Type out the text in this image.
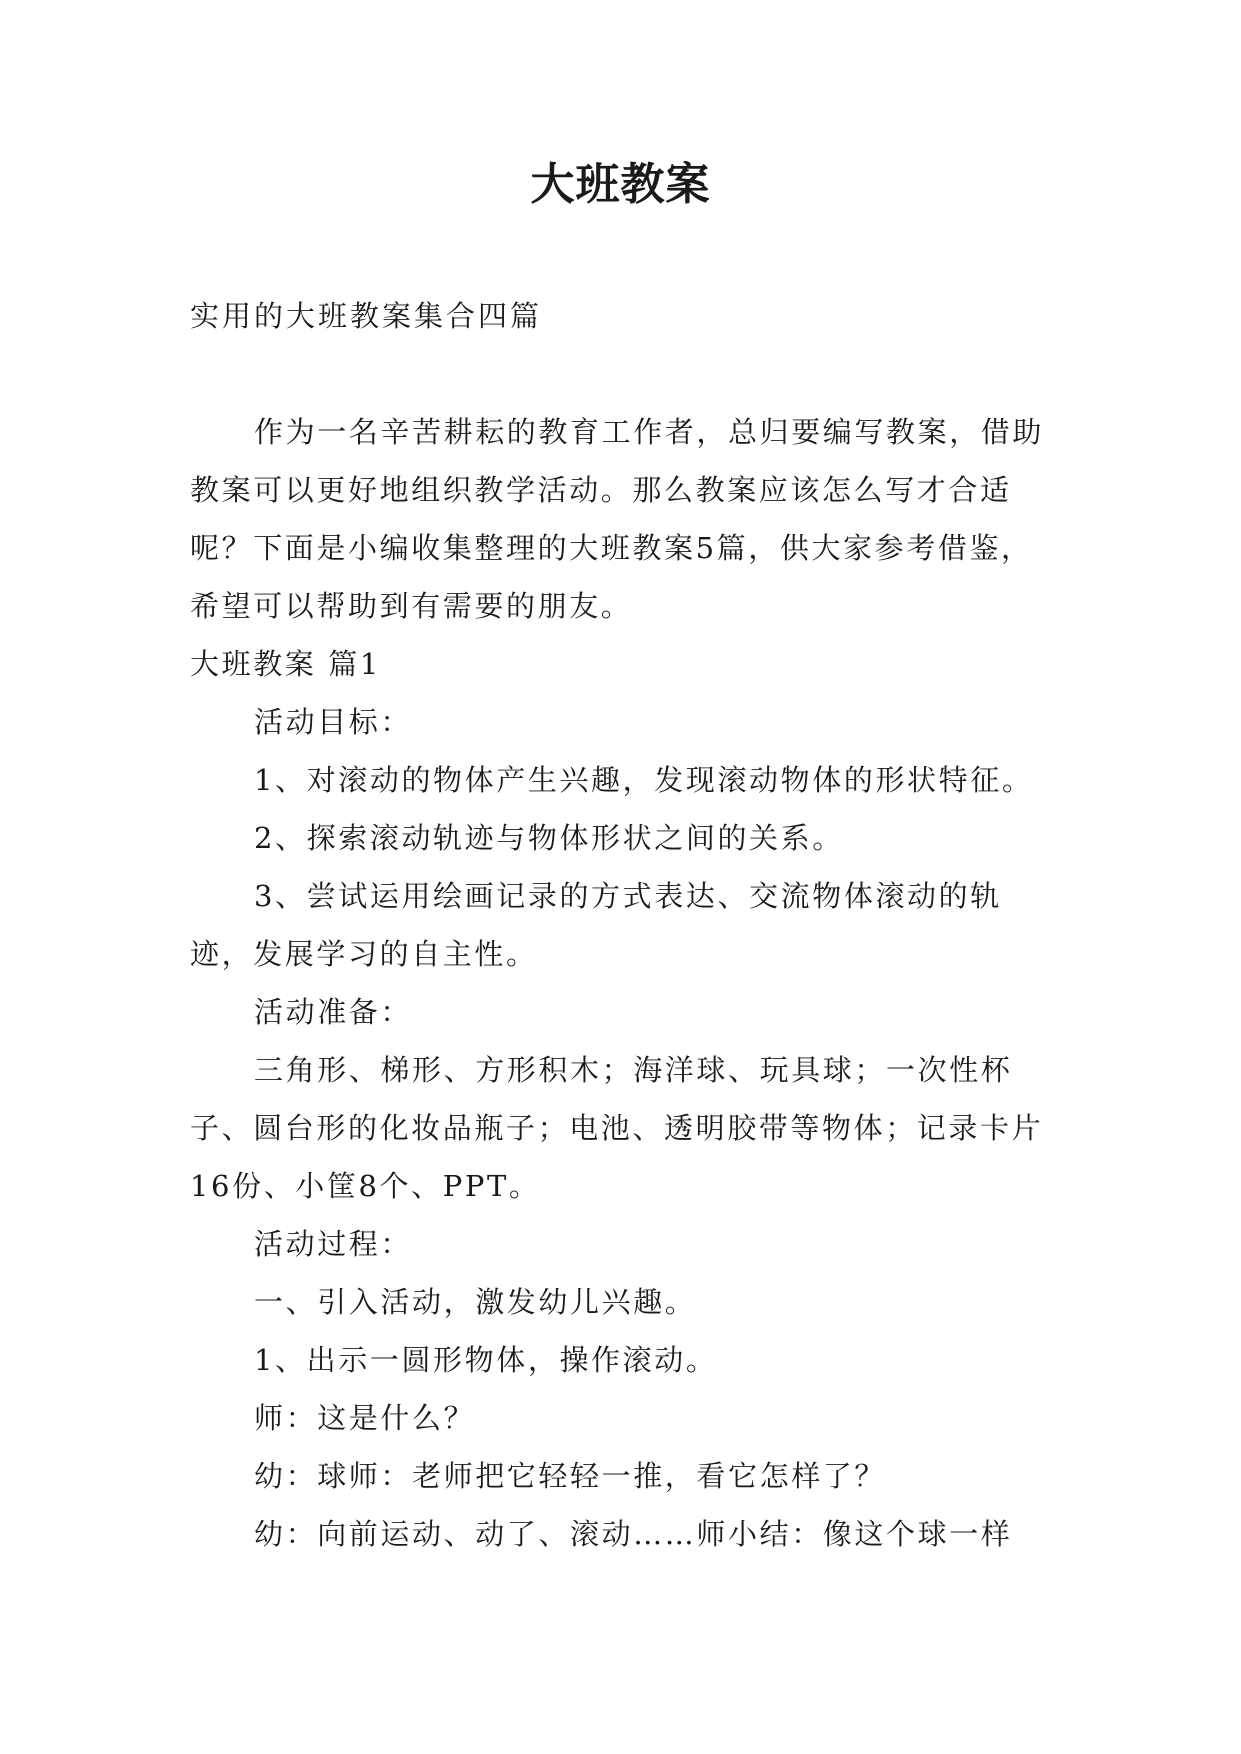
大班教案

实用的大班教案集合四篇

作为一名辛苦耕耘的教育工作者，总归要编写教案，借助教案可以更好地组织教学活动。那么教案应该怎么写才合适呢？下面是小编收集整理的大班教案5篇，供大家参考借鉴，希望可以帮助到有需要的朋友。

大班教案 篇1

活动目标：

1、对滚动的物体产生兴趣，发现滚动物体的形状特征。

2、探索滚动轨迹与物体形状之间的关系。

3、尝试运用绘画记录的方式表达、交流物体滚动的轨迹，发展学习的自主性。

活动准备：

三角形、梯形、方形积木；海洋球、玩具球；一次性杯子、圆台形的化妆品瓶子；电池、透明胶带等物体；记录卡片16份、小筐8个、PPT。

活动过程：

一、引入活动，激发幼儿兴趣。

1、出示一圆形物体，操作滚动。

师：这是什么？

幼：球师：老师把它轻轻一推，看它怎样了？

幼：向前运动、动了、滚动……师小结：像这个球一样
